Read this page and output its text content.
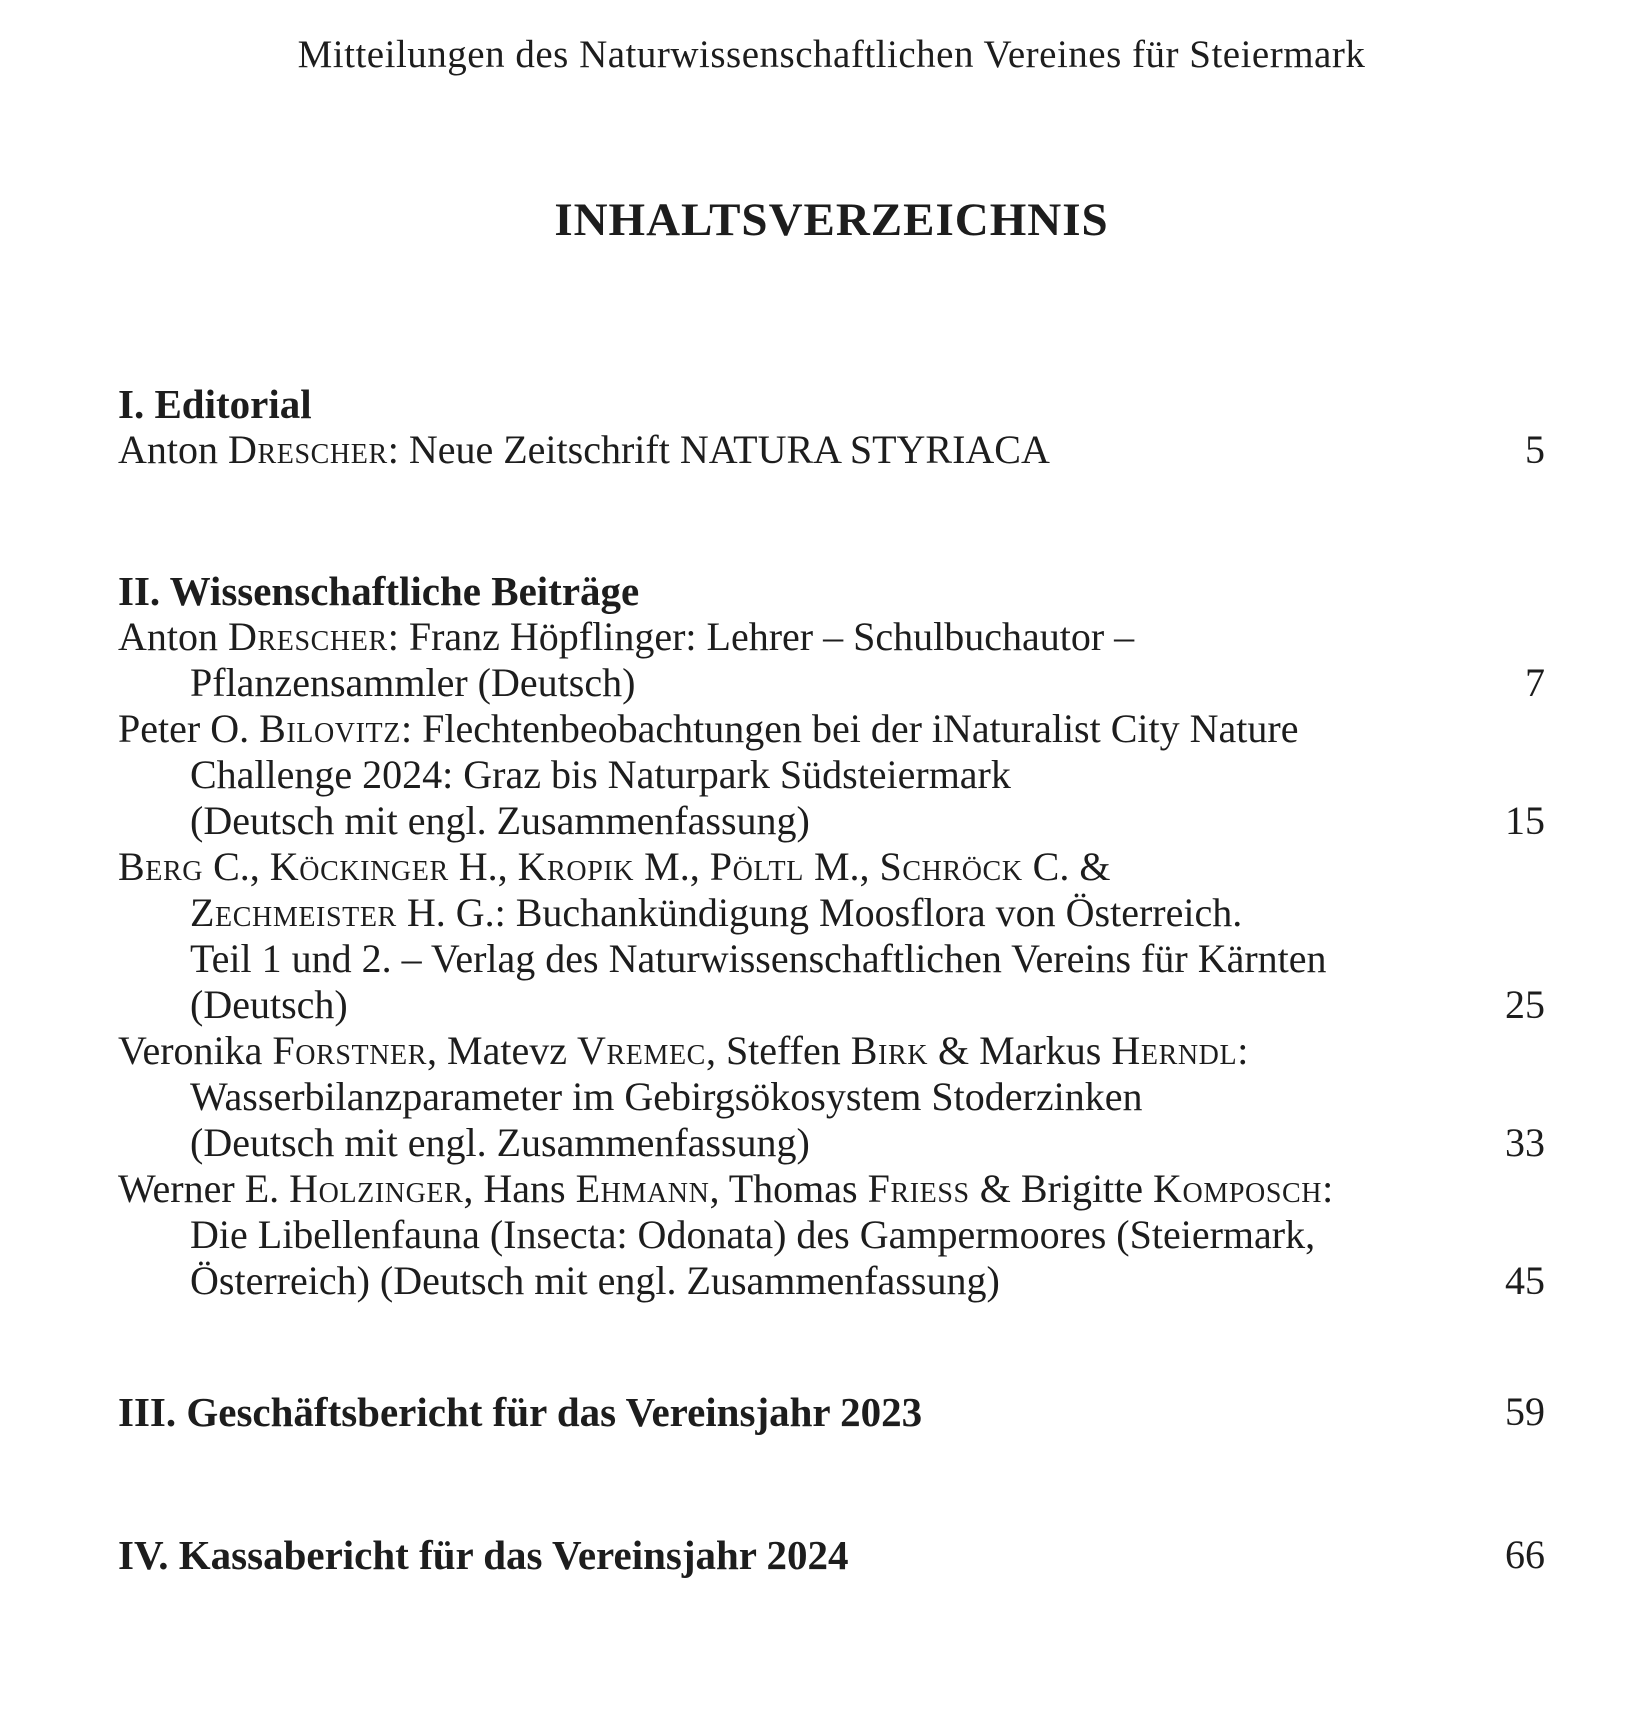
Mitteilungen des Naturwissenschaftlichen Vereines für Steiermark
INHALTSVERZEICHNIS
I. Editorial
Anton Drescher: Neue Zeitschrift NATURA STYRIACA	5
II. Wissenschaftliche Beiträge
Anton Drescher: Franz Höpflinger: Lehrer – Schulbuchautor –
Pflanzensammler (Deutsch)	7
Peter O. Bilovitz: Flechtenbeobachtungen bei der iNaturalist City Nature
Challenge 2024: Graz bis Naturpark Südsteiermark
(Deutsch mit engl. Zusammenfassung)	15
Berg C., Köckinger H., Kropik M., Pöltl M., Schröck C. &
Zechmeister H. G.: Buchankündigung Moosflora von Österreich.
Teil 1 und 2. – Verlag des Naturwissenschaftlichen Vereins für Kärnten
(Deutsch)	25
Veronika Forstner, Matevz Vremec, Steffen Birk & Markus Herndl:
Wasserbilanzparameter im Gebirgsökosystem Stoderzinken
(Deutsch mit engl. Zusammenfassung)	33
Werner E. Holzinger, Hans Ehmann, Thomas Friess & Brigitte Komposch:
Die Libellenfauna (Insecta: Odonata) des Gampermoores (Steiermark,
Österreich) (Deutsch mit engl. Zusammenfassung)	45
III. Geschäftsbericht für das Vereinsjahr 2023	59
IV. Kassabericht für das Vereinsjahr 2024	66
